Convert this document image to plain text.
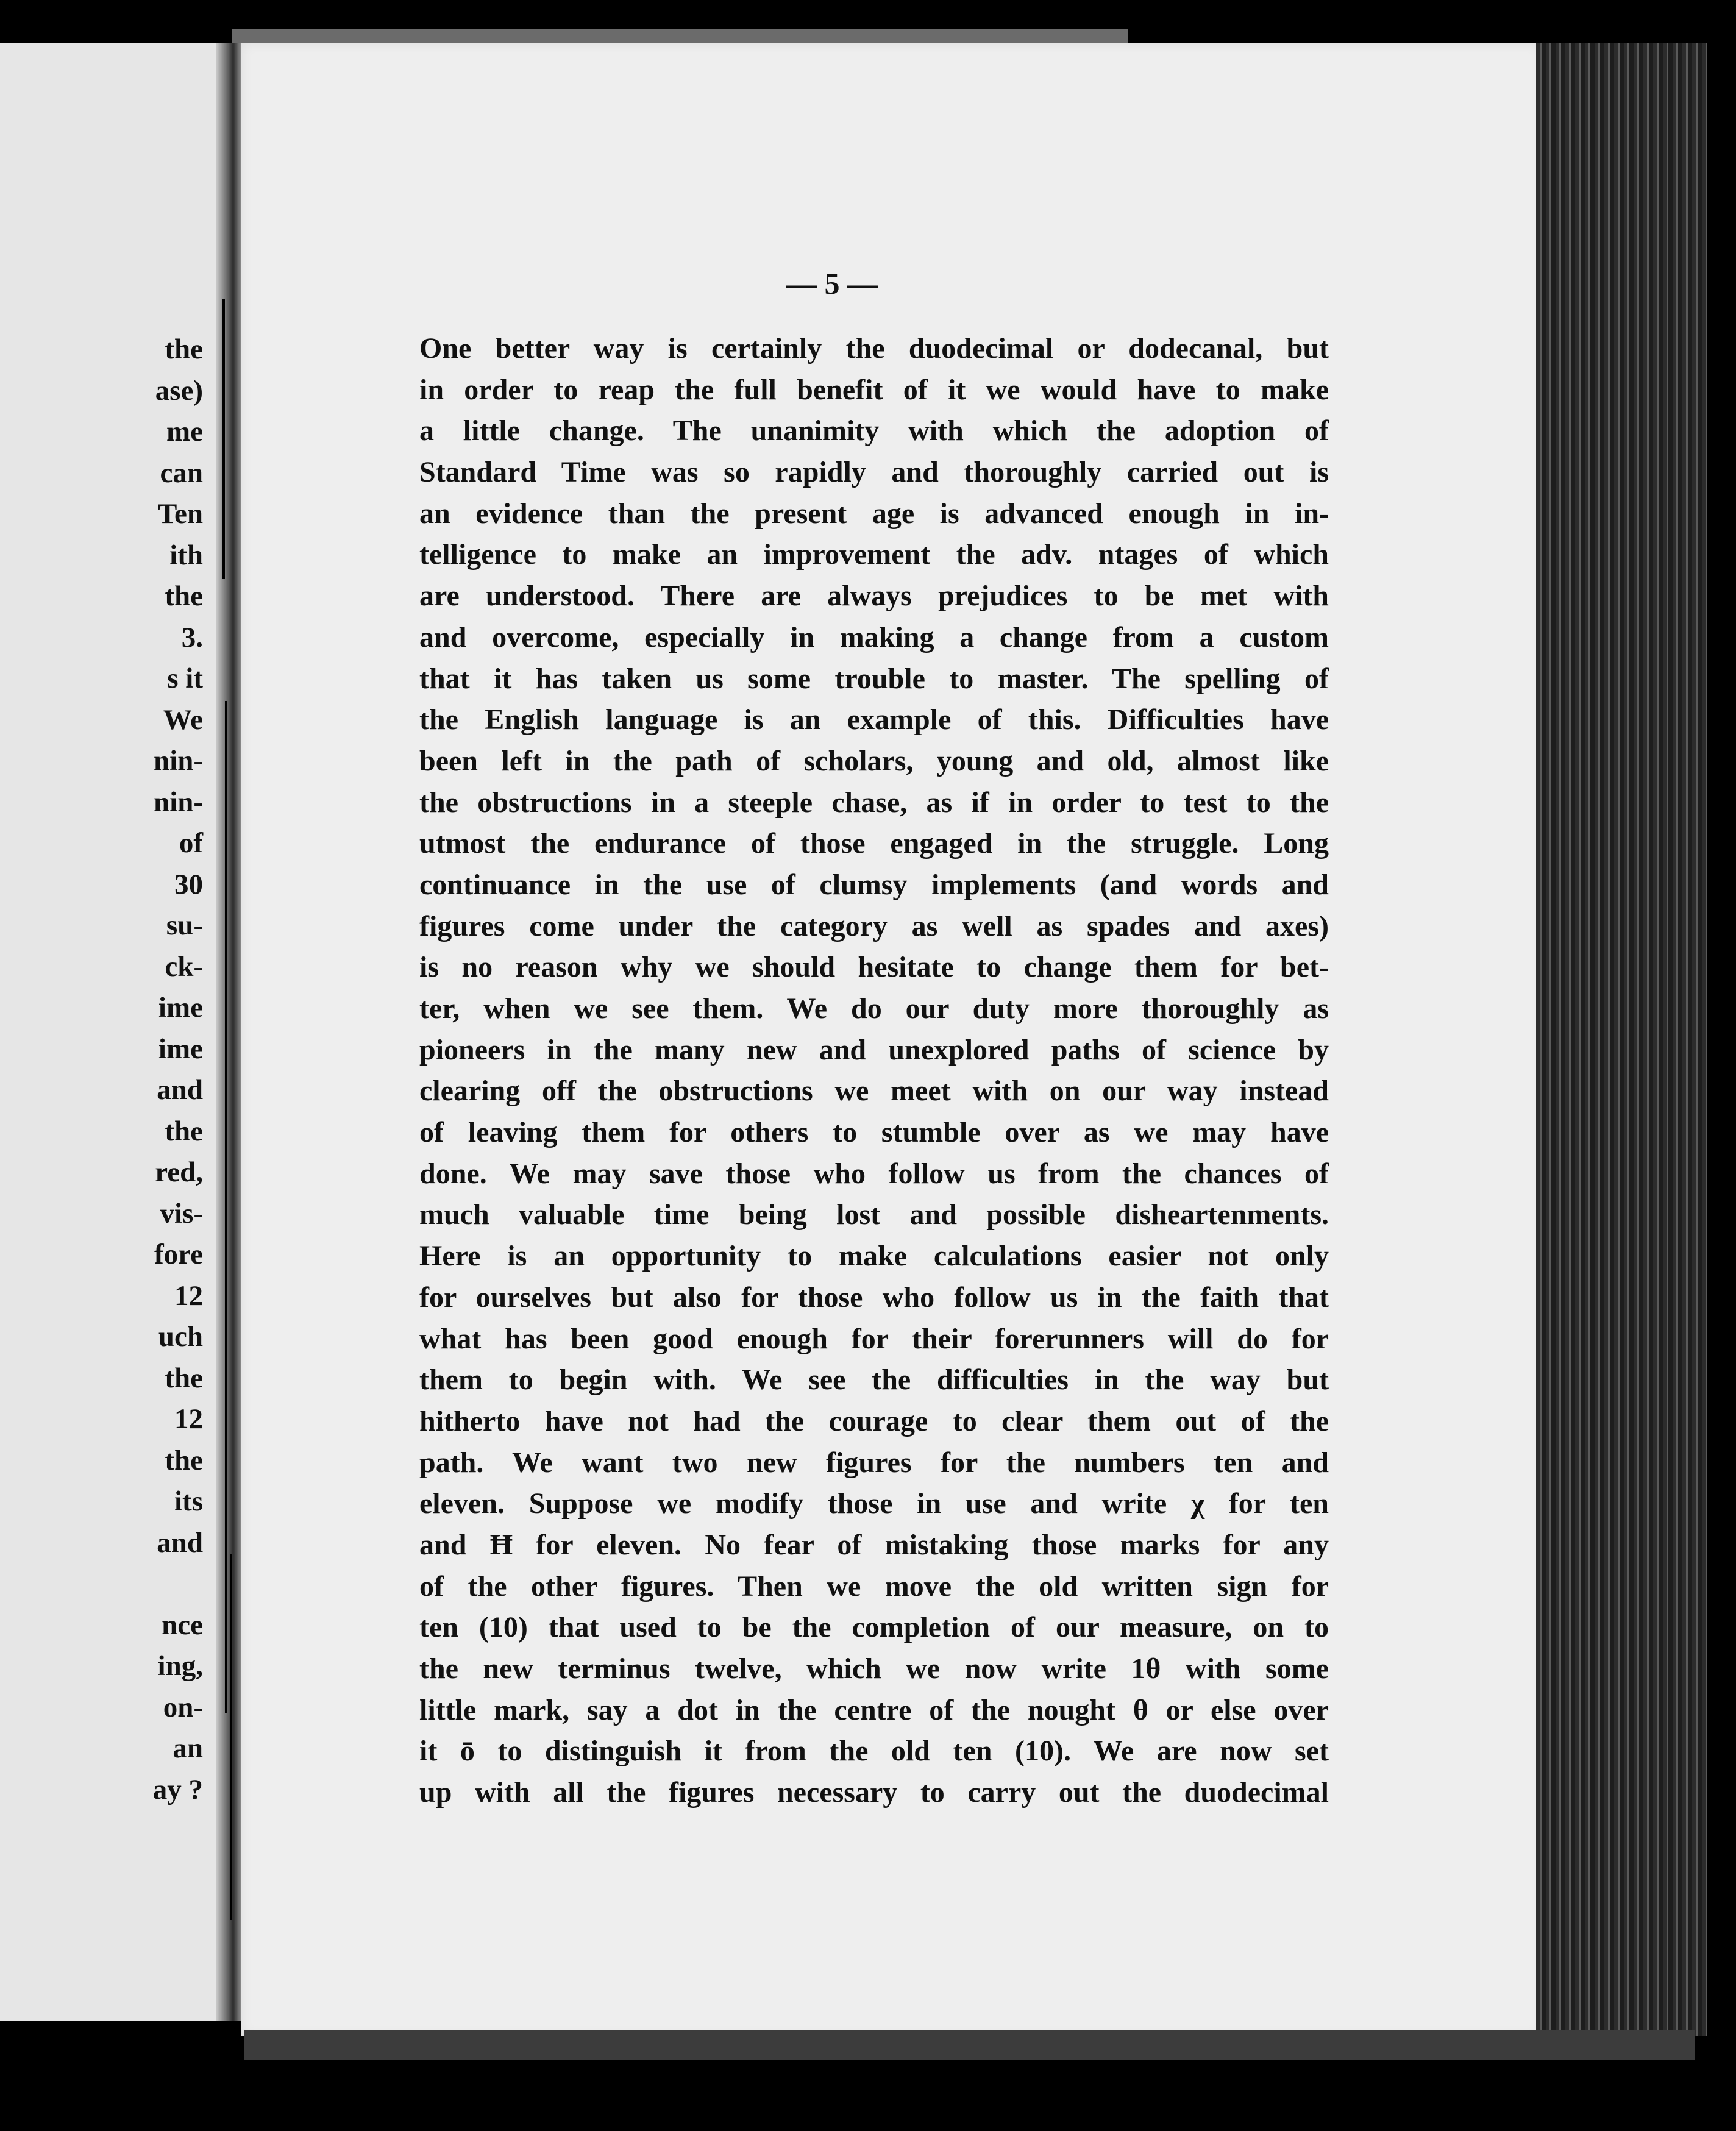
the
ase)
me
can
Ten
ith
the
3.
s it
We
nin-
nin-
of
30
su-
ck-
ime
ime
and
the
red,
vis-
fore
12
uch
the
12
the
its
and
nce
ing,
on-
an
ay ?
— 5 —
One better way is certainly the duodecimal or dodecanal, but
in order to reap the full benefit of it we would have to make
a little change. The unanimity with which the adoption of
Standard Time was so rapidly and thoroughly carried out is
an evidence than the present age is advanced enough in in-
telligence to make an improvement the adv. ntages of which
are understood. There are always prejudices to be met with
and overcome, especially in making a change from a custom
that it has taken us some trouble to master. The spelling of
the English language is an example of this. Difficulties have
been left in the path of scholars, young and old, almost like
the obstructions in a steeple chase, as if in order to test to the
utmost the endurance of those engaged in the struggle. Long
continuance in the use of clumsy implements (and words and
figures come under the category as well as spades and axes)
is no reason why we should hesitate to change them for bet-
ter, when we see them. We do our duty more thoroughly as
pioneers in the many new and unexplored paths of science by
clearing off the obstructions we meet with on our way instead
of leaving them for others to stumble over as we may have
done. We may save those who follow us from the chances of
much valuable time being lost and possible disheartenments.
Here is an opportunity to make calculations easier not only
for ourselves but also for those who follow us in the faith that
what has been good enough for their forerunners will do for
them to begin with. We see the difficulties in the way but
hitherto have not had the courage to clear them out of the
path. We want two new figures for the numbers ten and
eleven. Suppose we modify those in use and write χ for ten
and Ħ for eleven. No fear of mistaking those marks for any
of the other figures. Then we move the old written sign for
ten (10) that used to be the completion of our measure, on to
the new terminus twelve, which we now write 1θ with some
little mark, say a dot in the centre of the nought θ or else over
it ō to distinguish it from the old ten (10). We are now set
up with all the figures necessary to carry out the duodecimal
